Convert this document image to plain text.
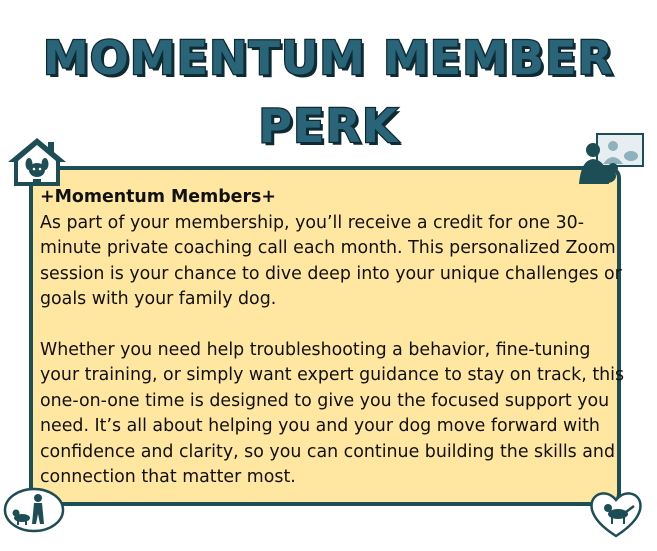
MOMENTUM MEMBER
PERK

+Momentum Members+

As part of your membership, you’ll receive a credit for one 30-minute private coaching call each month. This personalized Zoom session is your chance to dive deep into your unique challenges or goals with your family dog.

Whether you need help troubleshooting a behavior, fine-tuning your training, or simply want expert guidance to stay on track, this one-on-one time is designed to give you the focused support you need. It’s all about helping you and your dog move forward with confidence and clarity, so you can continue building the skills and connection that matter most.
